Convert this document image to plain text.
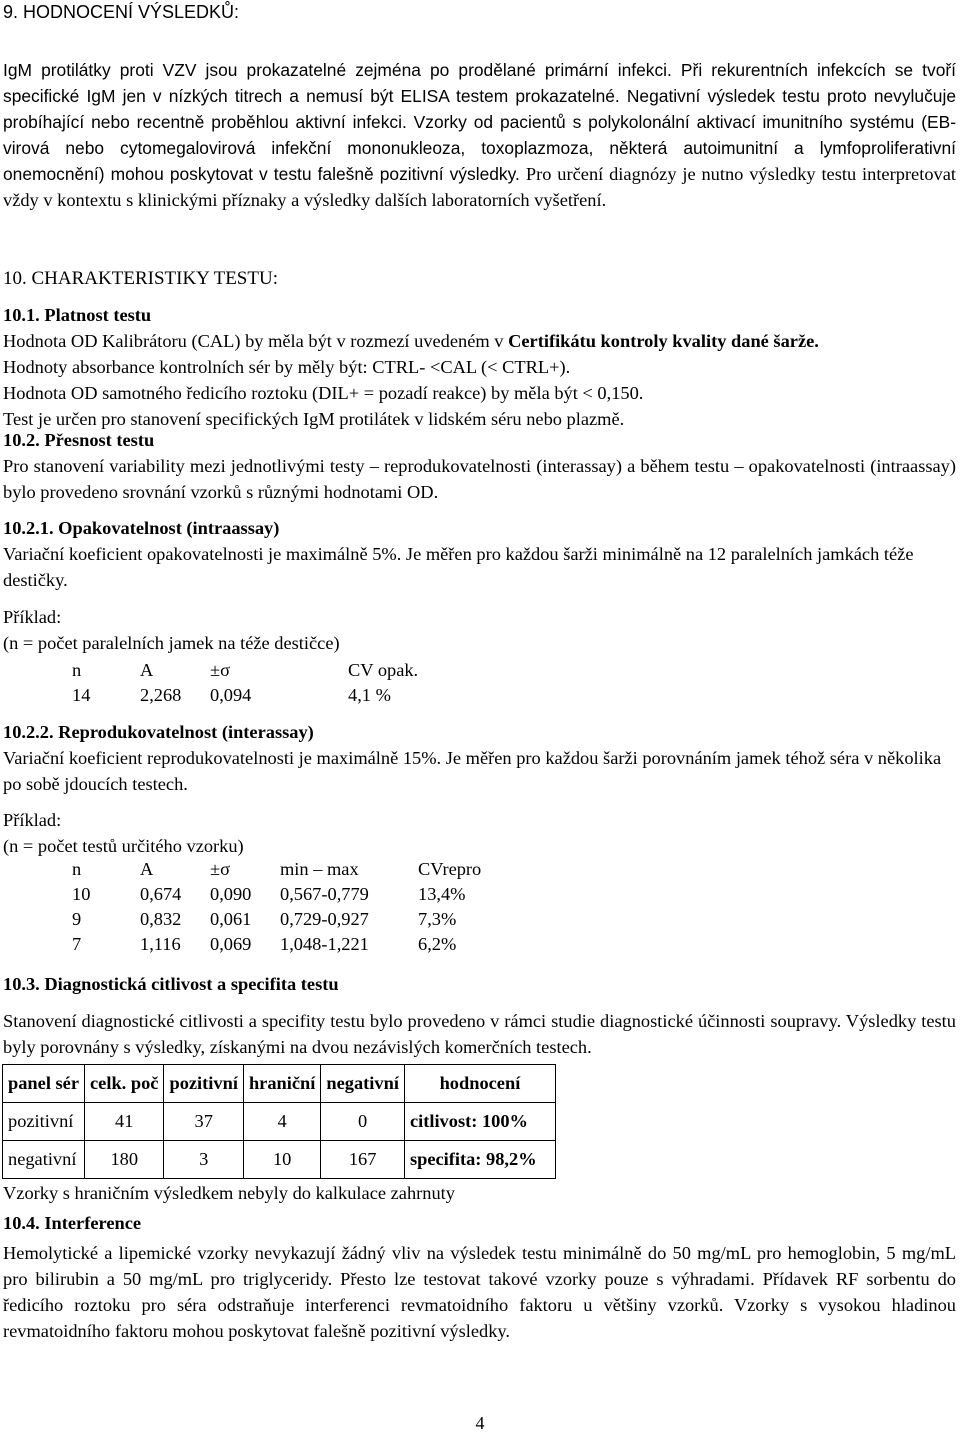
9. HODNOCENÍ VÝSLEDKŮ:
IgM protilátky proti VZV jsou prokazatelné zejména po prodělané primární infekci. Při rekurentních infekcích se tvoří specifické IgM jen v nízkých titrech a nemusí být ELISA testem prokazatelné. Negativní výsledek testu proto nevylučuje probíhající nebo recentně proběhlou aktivní infekci. Vzorky od pacientů s polykolonální aktivací imunitního systému (EB-virová nebo cytomegalovirová infekční mononukleoza, toxoplazmoza, některá autoimunitní a lymfoproliferativní onemocnění) mohou poskytovat v testu falešně pozitivní výsledky. Pro určení diagnózy je nutno výsledky testu interpretovat vždy v kontextu s klinickými příznaky a výsledky dalších laboratorních vyšetření.
10. CHARAKTERISTIKY TESTU:
10.1. Platnost testu
Hodnota OD Kalibrátoru (CAL) by měla být v rozmezí uvedeném v Certifikátu kontroly kvality dané šarže.
Hodnoty absorbance kontrolních sér by měly být: CTRL- <CAL (< CTRL+).
Hodnota OD samotného ředicího roztoku (DIL+ = pozadí reakce) by měla být < 0,150.
Test je určen pro stanovení specifických IgM protilátek v lidském séru nebo plazmě.
10.2. Přesnost testu
Pro stanovení variability mezi jednotlivými testy – reprodukovatelnosti (interassay) a během testu – opakovatelnosti (intraassay) bylo provedeno srovnání vzorků s různými hodnotami OD.
10.2.1. Opakovatelnost (intraassay)
Variační koeficient opakovatelnosti je maximálně 5%. Je měřen pro každou šarži minimálně na 12 paralelních jamkách téže destičky.
Příklad:
(n = počet paralelních jamek na téže destičce)
n	A	±σ	CV opak.
14	2,268	0,094	4,1 %
10.2.2. Reprodukovatelnost (interassay)
Variační koeficient reprodukovatelnosti je maximálně 15%. Je měřen pro každou šarži porovnáním jamek téhož séra v několika po sobě jdoucích testech.
Příklad:
(n = počet testů určitého vzorku)
n	A	±σ	min – max	CVrepro
10	0,674	0,090	0,567-0,779	13,4%
9	0,832	0,061	0,729-0,927	7,3%
7	1,116	0,069	1,048-1,221	6,2%
10.3. Diagnostická citlivost a specifita testu
Stanovení diagnostické citlivosti a specifity testu bylo provedeno v rámci studie diagnostické účinnosti soupravy. Výsledky testu byly porovnány s výsledky, získanými na dvou nezávislých komerčních testech.
panel sér	celk. poč	pozitivní	hraniční	negativní	hodnocení
pozitivní	41	37	4	0	citlivost: 100%
negativní	180	3	10	167	specifita: 98,2%
Vzorky s hraničním výsledkem nebyly do kalkulace zahrnuty
10.4. Interference
Hemolytické a lipemické vzorky nevykazují žádný vliv na výsledek testu minimálně do 50 mg/mL pro hemoglobin, 5 mg/mL pro bilirubin a 50 mg/mL pro triglyceridy. Přesto lze testovat takové vzorky pouze s výhradami. Přídavek RF sorbentu do ředicího roztoku pro séra odstraňuje interferenci revmatoidního faktoru u většiny vzorků. Vzorky s vysokou hladinou revmatoidního faktoru mohou poskytovat falešně pozitivní výsledky.
4
